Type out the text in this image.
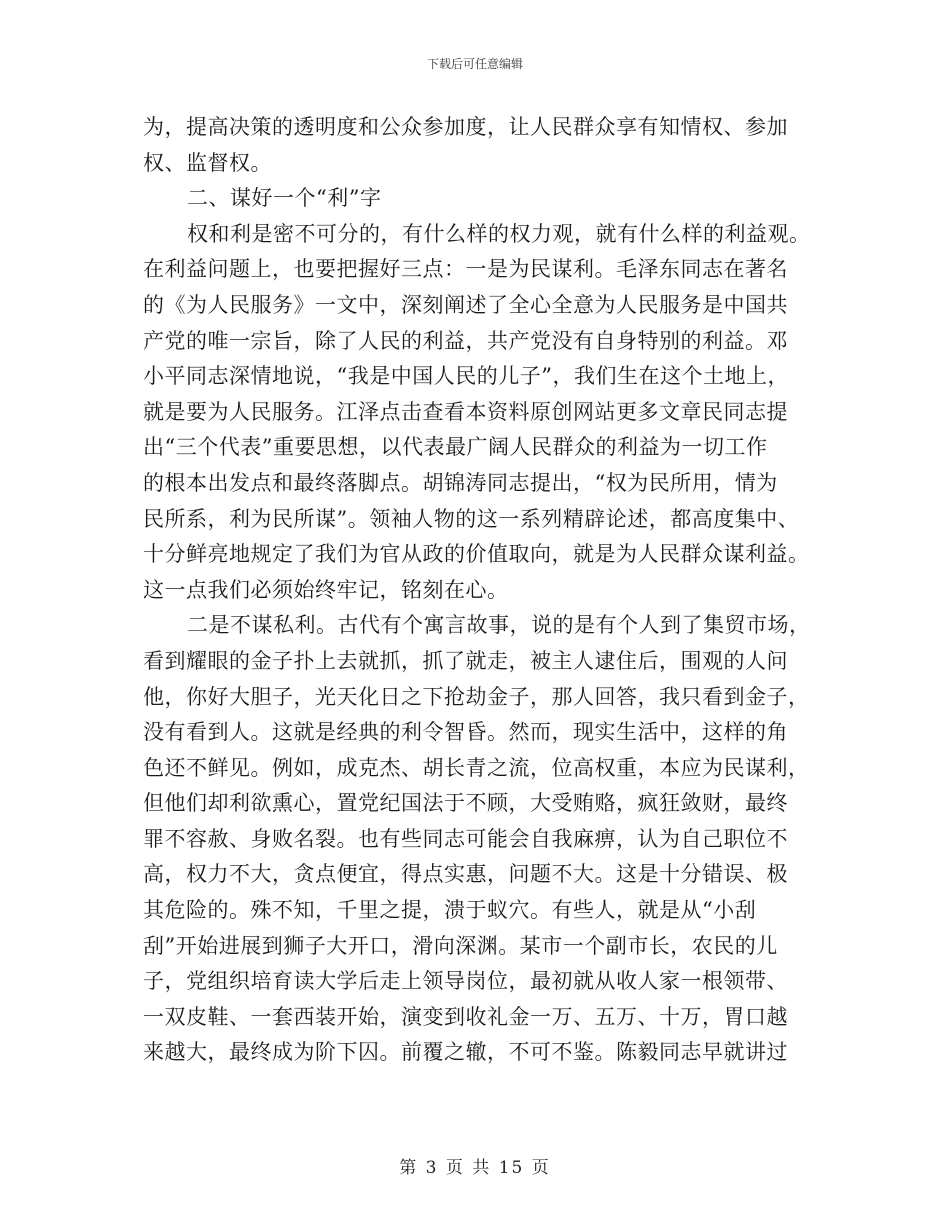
下载后可任意编辑
为，提高决策的透明度和公众参加度，让人民群众享有知情权、参加
权、监督权。
二、谋好一个“利”字
权和利是密不可分的，有什么样的权力观，就有什么样的利益观。
在利益问题上，也要把握好三点：一是为民谋利。毛泽东同志在著名
的《为人民服务》一文中，深刻阐述了全心全意为人民服务是中国共
产党的唯一宗旨，除了人民的利益，共产党没有自身特别的利益。邓
小平同志深情地说，“我是中国人民的儿子”，我们生在这个土地上，
就是要为人民服务。江泽点击查看本资料原创网站更多文章民同志提
出“三个代表”重要思想，以代表最广阔人民群众的利益为一切工作
的根本出发点和最终落脚点。胡锦涛同志提出，“权为民所用，情为
民所系，利为民所谋”。领袖人物的这一系列精辟论述，都高度集中、
十分鲜亮地规定了我们为官从政的价值取向，就是为人民群众谋利益。
这一点我们必须始终牢记，铭刻在心。
二是不谋私利。古代有个寓言故事，说的是有个人到了集贸市场，
看到耀眼的金子扑上去就抓，抓了就走，被主人逮住后，围观的人问
他，你好大胆子，光天化日之下抢劫金子，那人回答，我只看到金子，
没有看到人。这就是经典的利令智昏。然而，现实生活中，这样的角
色还不鲜见。例如，成克杰、胡长青之流，位高权重，本应为民谋利，
但他们却利欲熏心，置党纪国法于不顾，大受贿赂，疯狂敛财，最终
罪不容赦、身败名裂。也有些同志可能会自我麻痹，认为自己职位不
高，权力不大，贪点便宜，得点实惠，问题不大。这是十分错误、极
其危险的。殊不知，千里之提，溃于蚁穴。有些人，就是从“小刮
刮”开始进展到狮子大开口，滑向深渊。某市一个副市长，农民的儿
子，党组织培育读大学后走上领导岗位，最初就从收人家一根领带、
一双皮鞋、一套西装开始，演变到收礼金一万、五万、十万，胃口越
来越大，最终成为阶下囚。前覆之辙，不可不鉴。陈毅同志早就讲过
第 3 页 共 15 页
